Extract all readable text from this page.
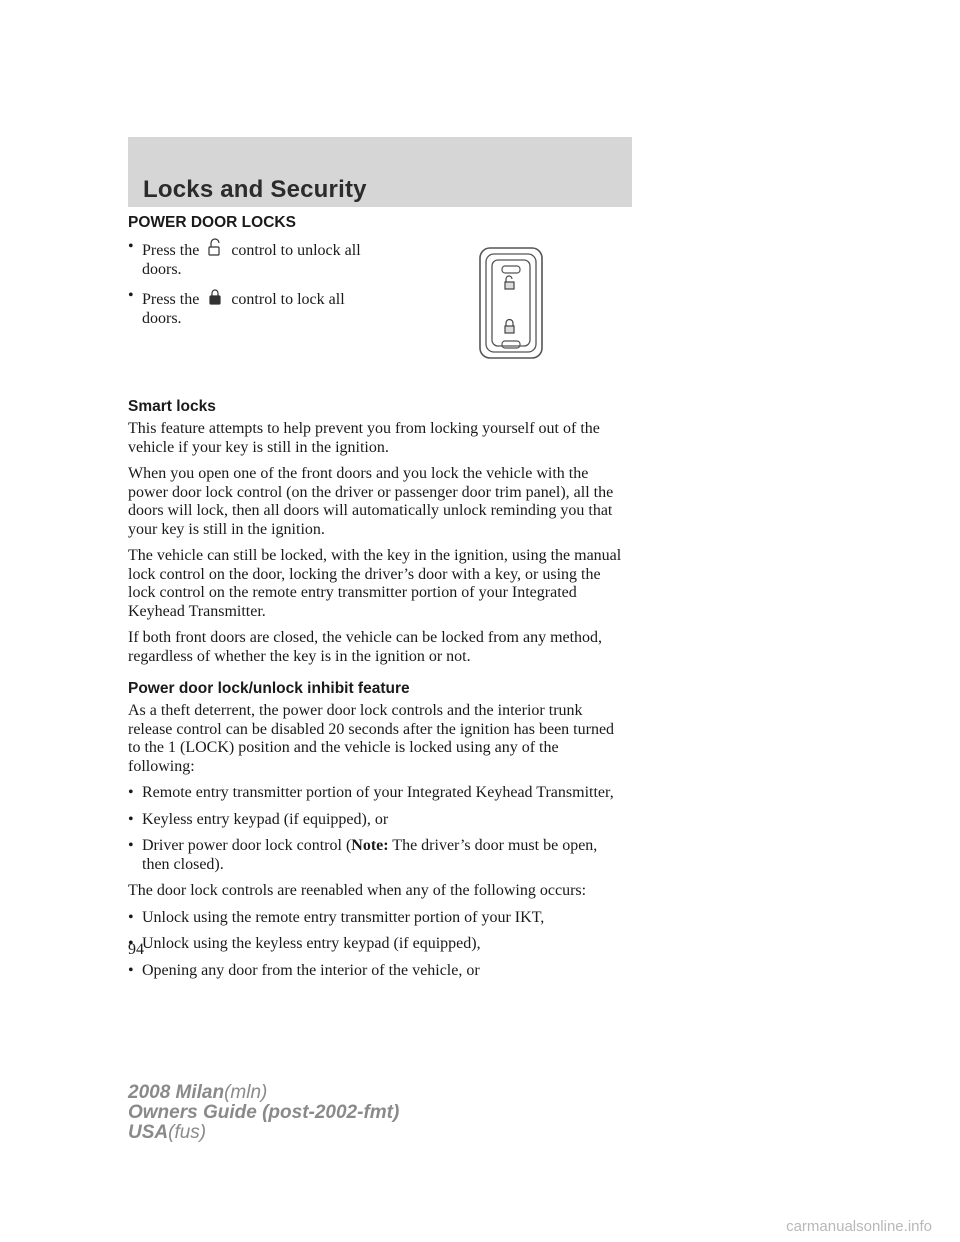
Locks and Security
POWER DOOR LOCKS
• Press the control to unlock all doors.
• Press the control to lock all doors.
Smart locks

This feature attempts to help prevent you from locking yourself out of the vehicle if your key is still in the ignition.

When you open one of the front doors and you lock the vehicle with the power door lock control (on the driver or passenger door trim panel), all the doors will lock, then all doors will automatically unlock reminding you that your key is still in the ignition.

The vehicle can still be locked, with the key in the ignition, using the manual lock control on the door, locking the driver’s door with a key, or using the lock control on the remote entry transmitter portion of your Integrated Keyhead Transmitter.

If both front doors are closed, the vehicle can be locked from any method, regardless of whether the key is in the ignition or not.

Power door lock/unlock inhibit feature

As a theft deterrent, the power door lock controls and the interior trunk release control can be disabled 20 seconds after the ignition has been turned to the 1 (LOCK) position and the vehicle is locked using any of the following:

• Remote entry transmitter portion of your Integrated Keyhead Transmitter,
• Keyless entry keypad (if equipped), or
• Driver power door lock control (Note: The driver’s door must be open, then closed).

The door lock controls are reenabled when any of the following occurs:

• Unlock using the remote entry transmitter portion of your IKT,
• Unlock using the keyless entry keypad (if equipped),
• Opening any door from the interior of the vehicle, or
94
2008 Milan(mln)
Owners Guide (post-2002-fmt)
USA(fus)
carmanualsonline.info
